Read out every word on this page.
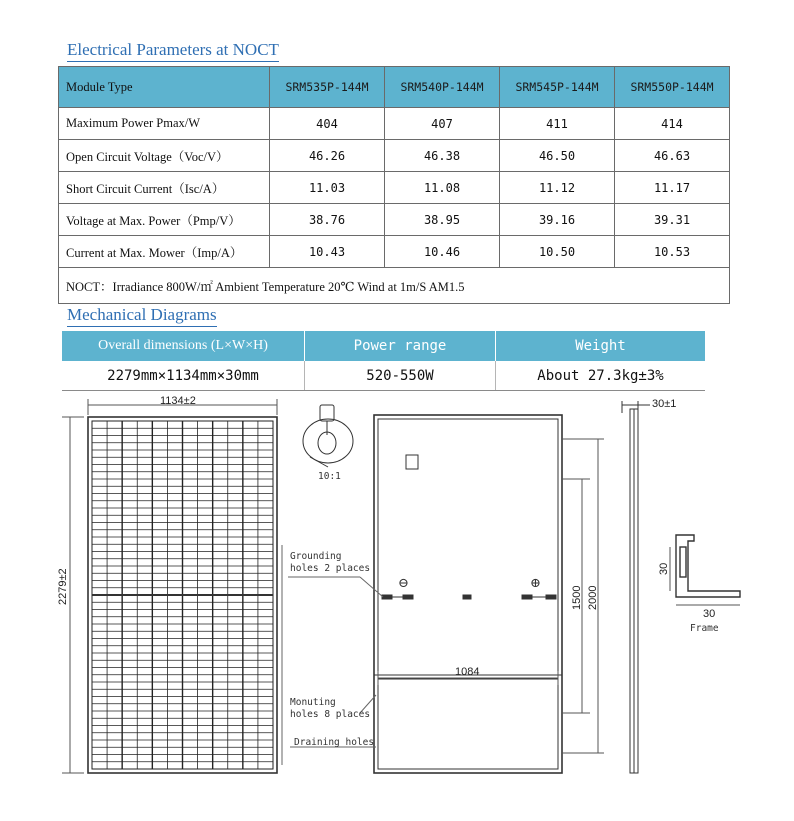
Electrical Parameters at NOCT
Module Type	SRM535P-144M	SRM540P-144M	SRM545P-144M	SRM550P-144M
Maximum Power Pmax/W	404	407	411	414
Open Circuit Voltage（Voc/V）	46.26	46.38	46.50	46.63
Short Circuit Current（Isc/A）	11.03	11.08	11.12	11.17
Voltage at Max. Power（Pmp/V）	38.76	38.95	39.16	39.31
Current at Max. Mower（Imp/A）	10.43	10.46	10.50	10.53
NOCT：Irradiance 800W/㎡ Ambient Temperature 20℃ Wind at 1m/S AM1.5				
Mechanical Diagrams
Overall dimensions (L×W×H)	Power range	Weight
2279mm×1134mm×30mm	520-550W	About 27.3kg±3%
1134±2
2279±2
10:1
Grounding
holes 2 places
Monuting
holes 8 places
Draining holes
1084
1500 2000
30±1
30
30
Frame
⊖	⊕
